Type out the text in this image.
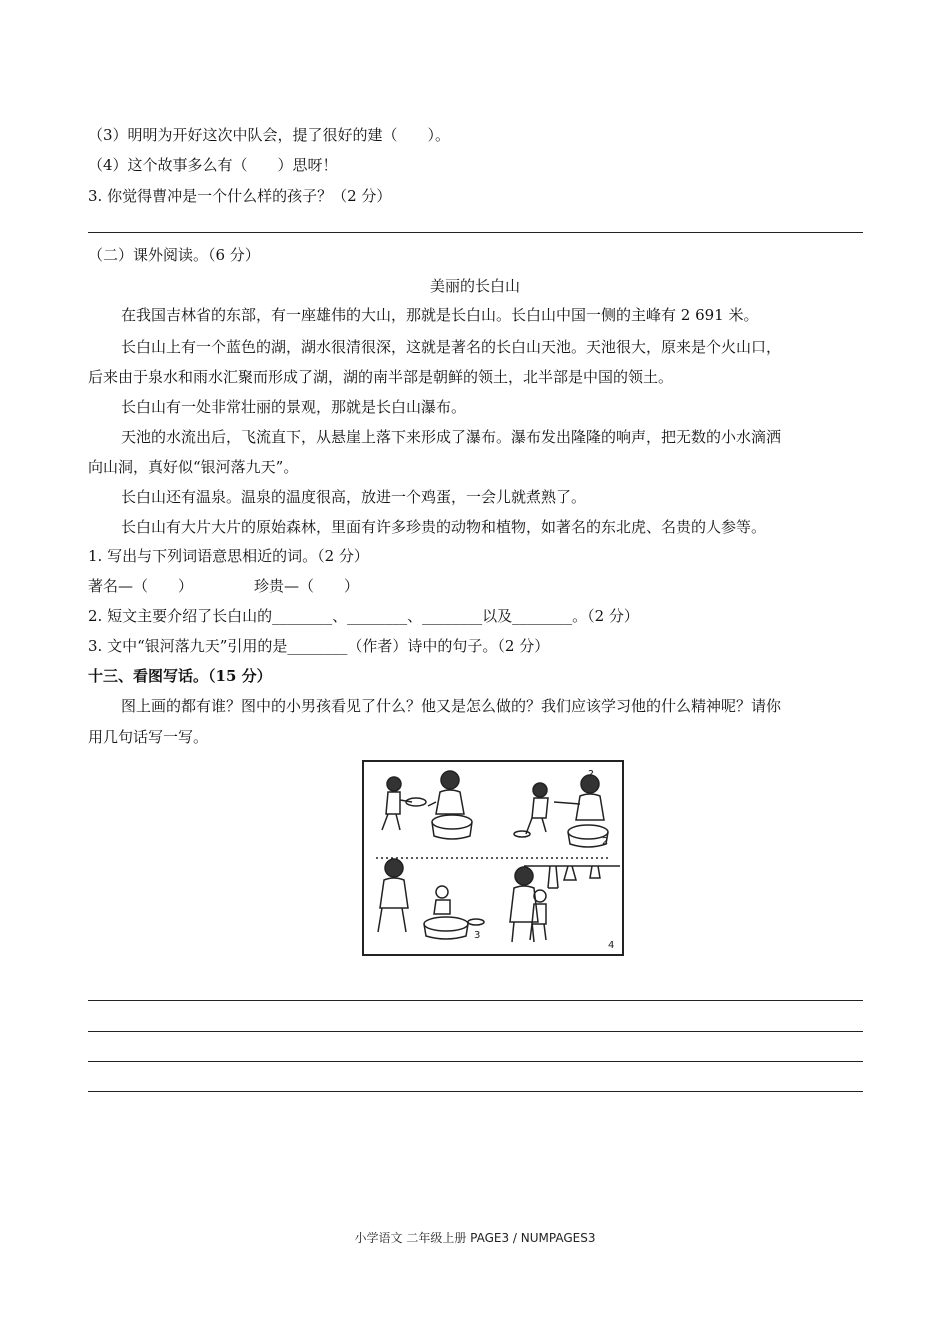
（3）明明为开好这次中队会，提了很好的建（　　）。
（4）这个故事多么有（　　）思呀！
3. 你觉得曹冲是一个什么样的孩子？（2 分）
（二）课外阅读。（6 分）
美丽的长白山
在我国吉林省的东部，有一座雄伟的大山，那就是长白山。长白山中国一侧的主峰有 2 691 米。
长白山上有一个蓝色的湖，湖水很清很深，这就是著名的长白山天池。天池很大，原来是个火山口，
后来由于泉水和雨水汇聚而形成了湖，湖的南半部是朝鲜的领土，北半部是中国的领土。
长白山有一处非常壮丽的景观，那就是长白山瀑布。
天池的水流出后，飞流直下，从悬崖上落下来形成了瀑布。瀑布发出隆隆的响声，把无数的小水滴洒
向山洞，真好似“银河落九天”。
长白山还有温泉。温泉的温度很高，放进一个鸡蛋，一会儿就煮熟了。
长白山有大片大片的原始森林，里面有许多珍贵的动物和植物，如著名的东北虎、名贵的人参等。
1. 写出与下列词语意思相近的词。（2 分）
著名—（　　）	珍贵—（　　）
2. 短文主要介绍了长白山的________、________、________以及________。（2 分）
3. 文中“银河落九天”引用的是________（作者）诗中的句子。（2 分）
十三、看图写话。（15 分）
图上画的都有谁？图中的小男孩看见了什么？他又是怎么做的？我们应该学习他的什么精神呢？请你
用几句话写一写。
2
3
4
?
小学语文 二年级上册 PAGE3 / NUMPAGES3
